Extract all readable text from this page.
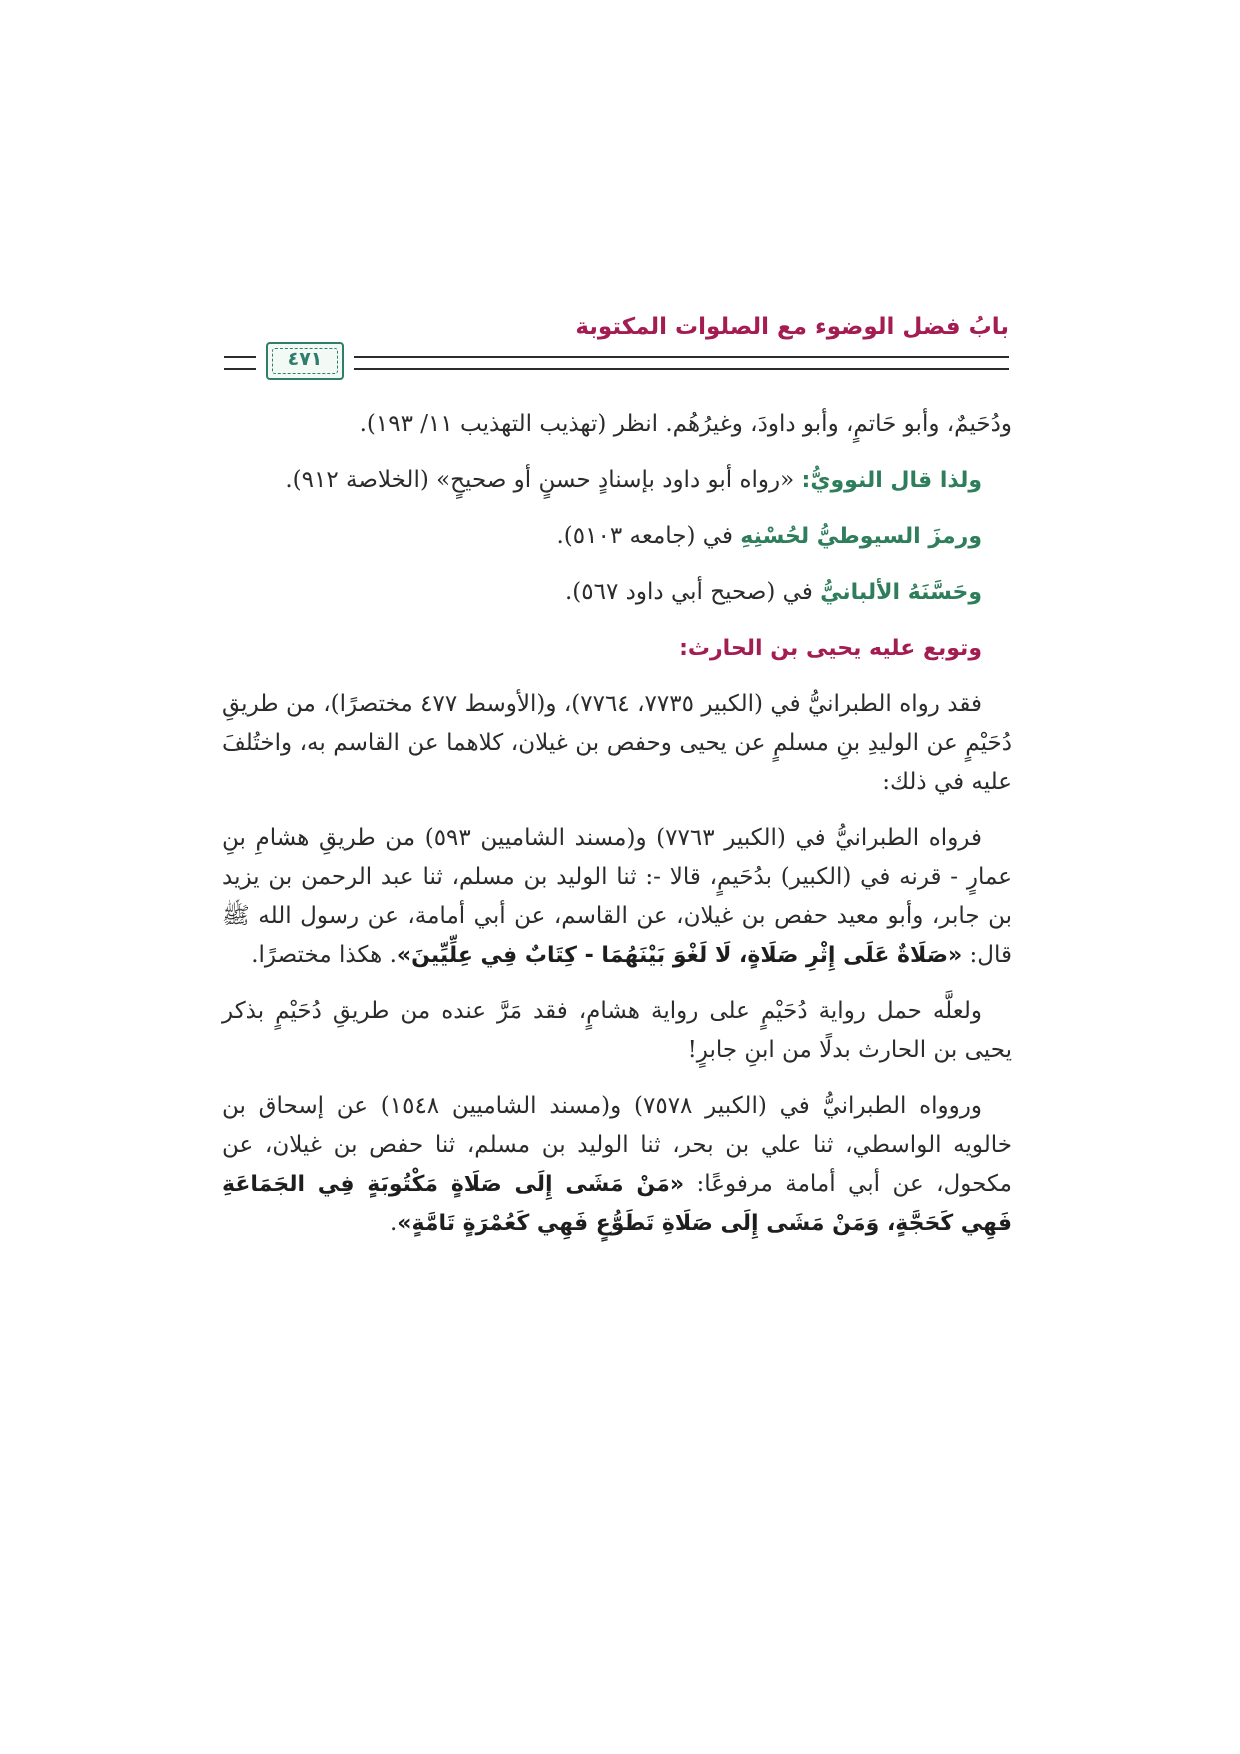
بابُ فضل الوضوء مع الصلوات المكتوبة
٤٧١

ودُحَيمٌ، وأبو حَاتمٍ، وأبو داودَ، وغيرُهُم. انظر (تهذيب التهذيب ١١/ ١٩٣).

ولذا قال النوويُّ: «رواه أبو داود بإسنادٍ حسنٍ أو صحيحٍ» (الخلاصة ٩١٢).

ورمزَ السيوطيُّ لحُسْنِهِ في (جامعه ٥١٠٣).

وحَسَّنَهُ الألبانيُّ في (صحيح أبي داود ٥٦٧).

وتوبع عليه يحيى بن الحارث:

فقد رواه الطبرانيُّ في (الكبير ٧٧٣٥، ٧٧٦٤)، و(الأوسط ٤٧٧ مختصرًا)، من طريقِ دُحَيْمٍ عن الوليدِ بنِ مسلمٍ عن يحيى وحفص بن غيلان، كلاهما عن القاسم به، واختُلفَ عليه في ذلك:

فرواه الطبرانيُّ في (الكبير ٧٧٦٣) و(مسند الشاميين ٥٩٣) من طريقِ هشامِ بنِ عمارٍ - قرنه في (الكبير) بدُحَيمٍ، قالا -: ثنا الوليد بن مسلم، ثنا عبد الرحمن بن يزيد بن جابر، وأبو معيد حفص بن غيلان، عن القاسم، عن أبي أمامة، عن رسول الله ﷺ قال: «صَلَاةٌ عَلَى إِثْرِ صَلَاةٍ، لَا لَغْوَ بَيْنَهُمَا - كِتَابٌ فِي عِلِّيِّينَ». هكذا مختصرًا.

ولعلَّه حمل رواية دُحَيْمٍ على رواية هشامٍ، فقد مَرَّ عنده من طريقِ دُحَيْمٍ بذكر يحيى بن الحارث بدلًا من ابنِ جابرٍ!

وروواه الطبرانيُّ في (الكبير ٧٥٧٨) و(مسند الشاميين ١٥٤٨) عن إسحاق بن خالويه الواسطي، ثنا علي بن بحر، ثنا الوليد بن مسلم، ثنا حفص بن غيلان، عن مكحول، عن أبي أمامة مرفوعًا: «مَنْ مَشَى إِلَى صَلَاةٍ مَكْتُوبَةٍ فِي الجَمَاعَةِ فَهِي كَحَجَّةٍ، وَمَنْ مَشَى إِلَى صَلَاةِ تَطَوُّعٍ فَهِي كَعُمْرَةٍ تَامَّةٍ».
